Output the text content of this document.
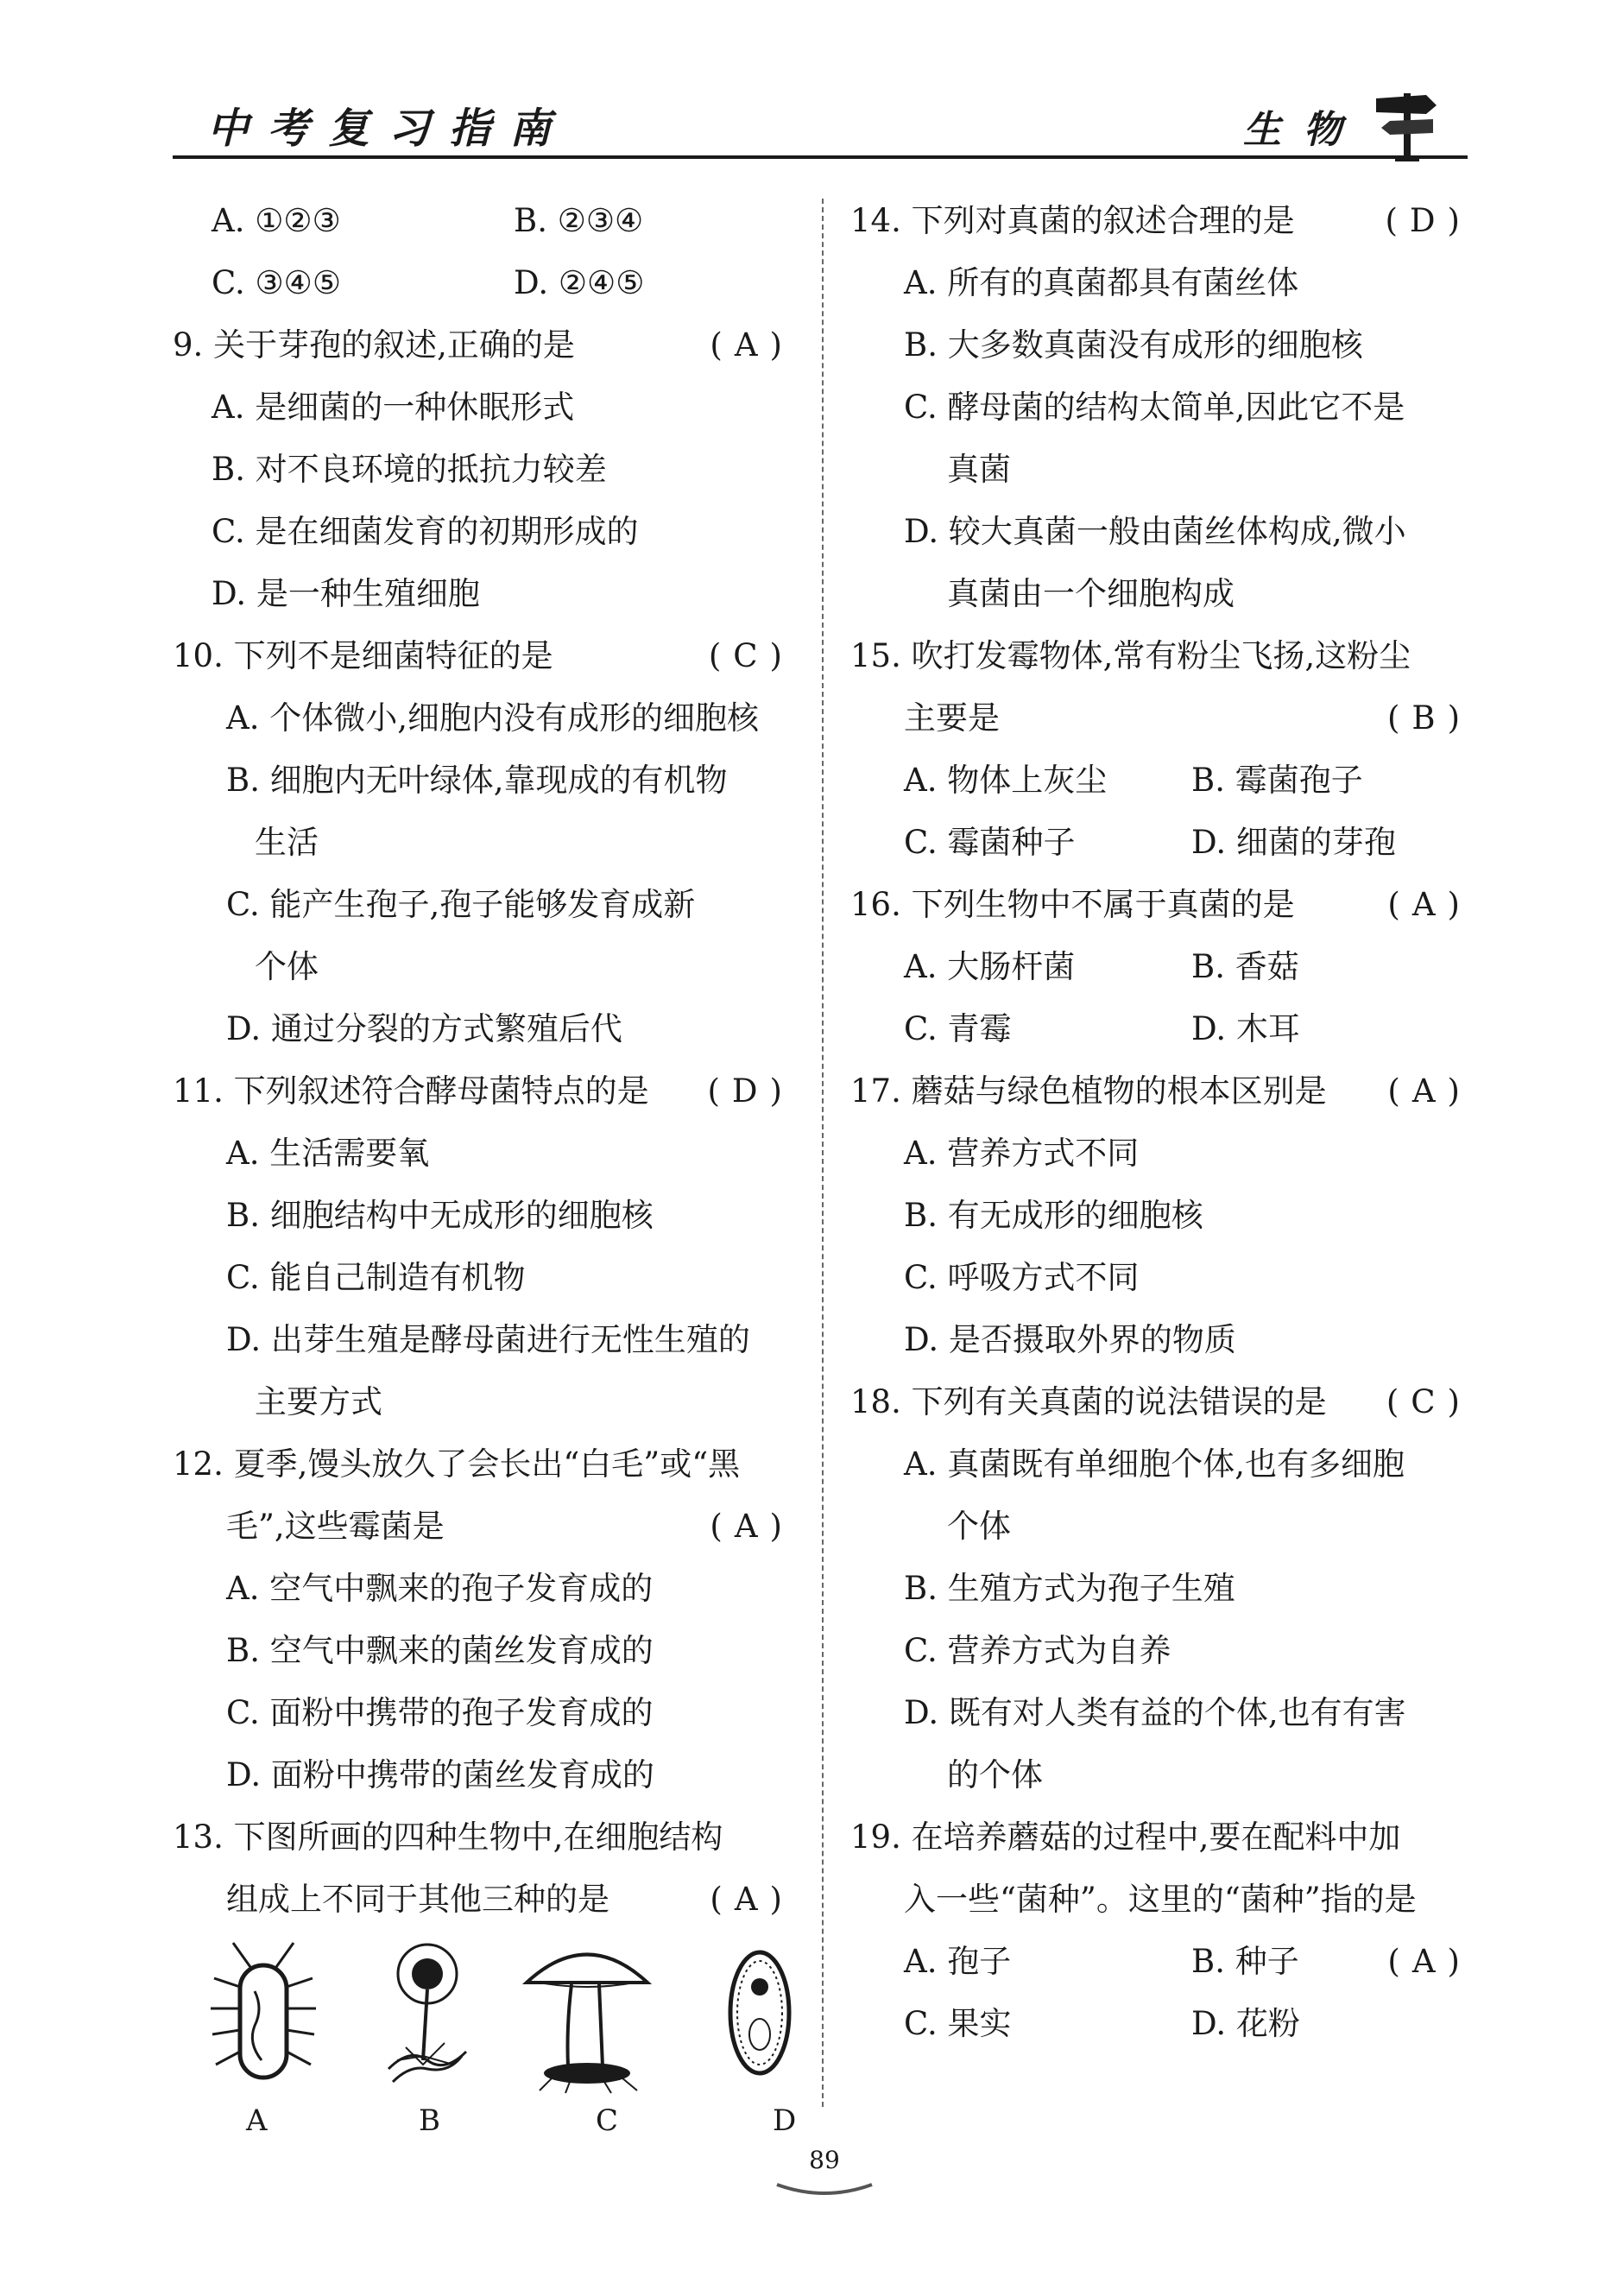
中考复习指南	生物
A. ①②③	B. ②③④
C. ③④⑤	D. ②④⑤
9. 关于芽孢的叙述,正确的是	(A)
A. 是细菌的一种休眠形式
B. 对不良环境的抵抗力较差
C. 是在细菌发育的初期形成的
D. 是一种生殖细胞
10. 下列不是细菌特征的是	(C)
A. 个体微小,细胞内没有成形的细胞核
B. 细胞内无叶绿体,靠现成的有机物
生活
C. 能产生孢子,孢子能够发育成新
个体
D. 通过分裂的方式繁殖后代
11. 下列叙述符合酵母菌特点的是 (D)
A. 生活需要氧
B. 细胞结构中无成形的细胞核
C. 能自己制造有机物
D. 出芽生殖是酵母菌进行无性生殖的
主要方式
12. 夏季,馒头放久了会长出“白毛”或“黑
毛”,这些霉菌是	(A)
A. 空气中飘来的孢子发育成的
B. 空气中飘来的菌丝发育成的
C. 面粉中携带的孢子发育成的
D. 面粉中携带的菌丝发育成的
13. 下图所画的四种生物中,在细胞结构
组成上不同于其他三种的是	(A)
A	B	C	D
14. 下列对真菌的叙述合理的是	(D)
A. 所有的真菌都具有菌丝体
B. 大多数真菌没有成形的细胞核
C. 酵母菌的结构太简单,因此它不是
真菌
D. 较大真菌一般由菌丝体构成,微小
真菌由一个细胞构成
15. 吹打发霉物体,常有粉尘飞扬,这粉尘
主要是	(B)
A. 物体上灰尘	B. 霉菌孢子
C. 霉菌种子	D. 细菌的芽孢
16. 下列生物中不属于真菌的是	(A)
A. 大肠杆菌	B. 香菇
C. 青霉	D. 木耳
17. 蘑菇与绿色植物的根本区别是 (A)
A. 营养方式不同
B. 有无成形的细胞核
C. 呼吸方式不同
D. 是否摄取外界的物质
18. 下列有关真菌的说法错误的是 (C)
A. 真菌既有单细胞个体,也有多细胞
个体
B. 生殖方式为孢子生殖
C. 营养方式为自养
D. 既有对人类有益的个体,也有有害
的个体
19. 在培养蘑菇的过程中,要在配料中加
入一些“菌种”。这里的“菌种”指的是
(A)
A. 孢子	B. 种子
C. 果实	D. 花粉
89
